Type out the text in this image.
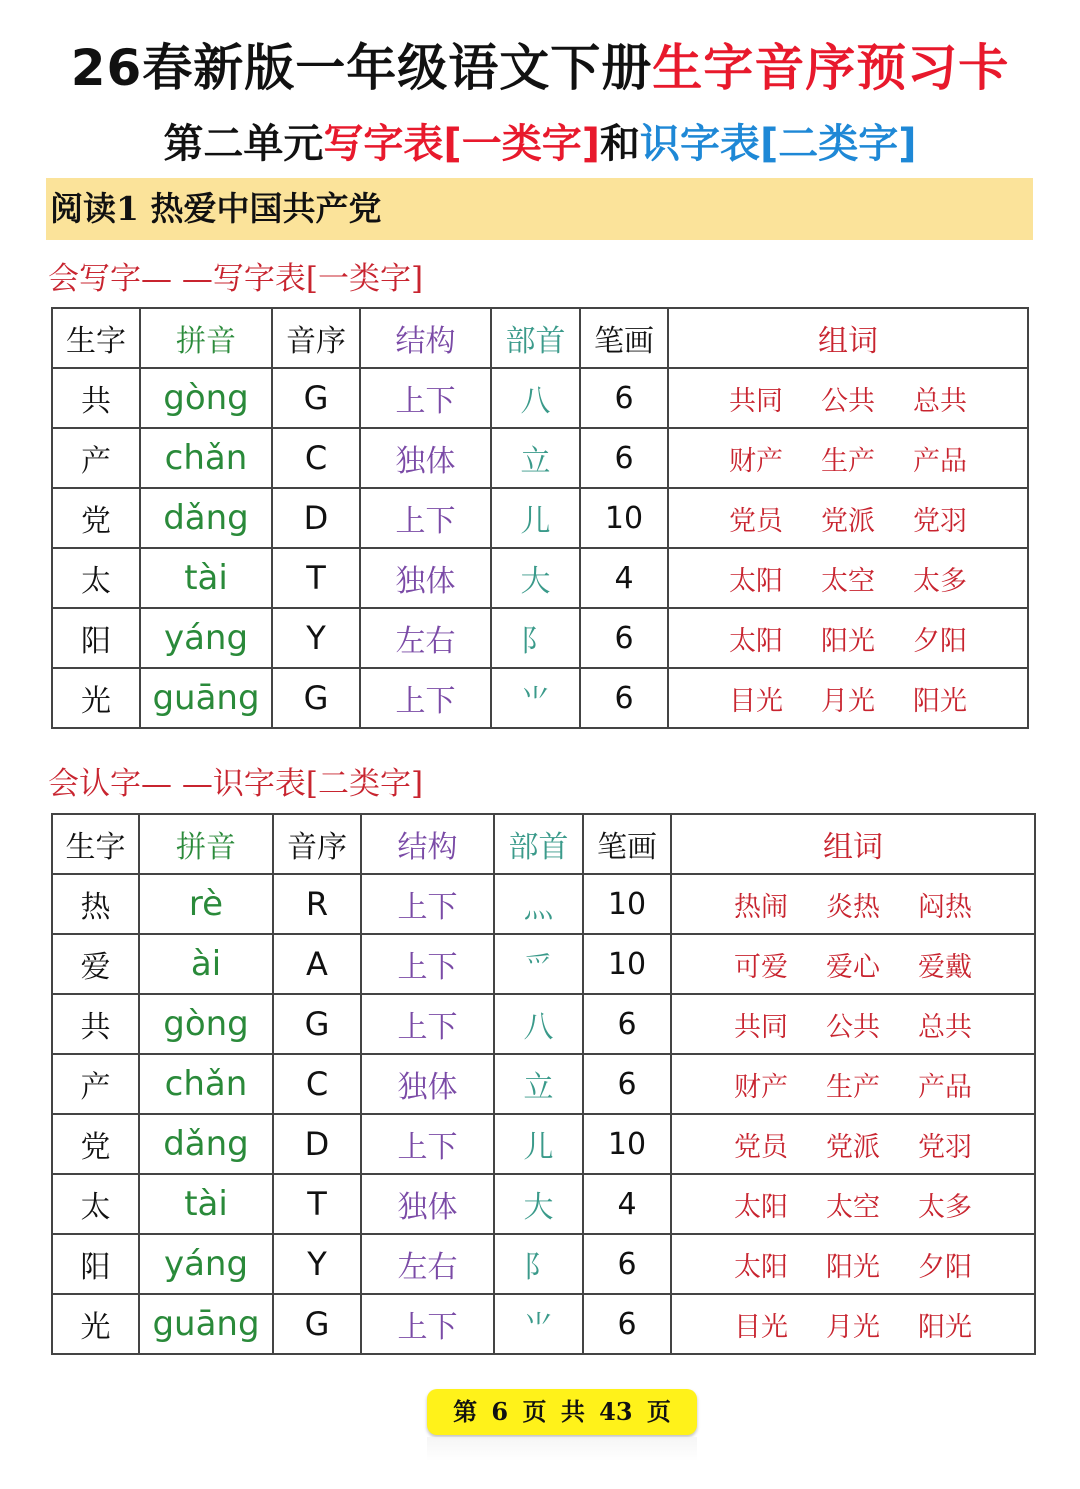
26春新版一年级语文下册生字音序预习卡
第二单元写字表[一类字]和识字表[二类字]
阅读1 热爱中国共产党
会写字— —写字表[一类字]
生字	拼音	音序	结构	部首	笔画	组词
共	gòng	G	上下	八	6	共同 公共 总共
产	chǎn	C	独体	立	6	财产 生产 产品
党	dǎng	D	上下	儿	10	党员 党派 党羽
太	tài	T	独体	大	4	太阳 太空 太多
阳	yáng	Y	左右	阝	6	太阳 阳光 夕阳
光	guāng	G	上下	⺌	6	目光 月光 阳光
会认字— —识字表[二类字]
生字	拼音	音序	结构	部首	笔画	组词
热	rè	R	上下	灬	10	热闹 炎热 闷热
爱	ài	A	上下	爫	10	可爱 爱心 爱戴
共	gòng	G	上下	八	6	共同 公共 总共
产	chǎn	C	独体	立	6	财产 生产 产品
党	dǎng	D	上下	儿	10	党员 党派 党羽
太	tài	T	独体	大	4	太阳 太空 太多
阳	yáng	Y	左右	阝	6	太阳 阳光 夕阳
光	guāng	G	上下	⺌	6	目光 月光 阳光
第 6 页 共 43 页
